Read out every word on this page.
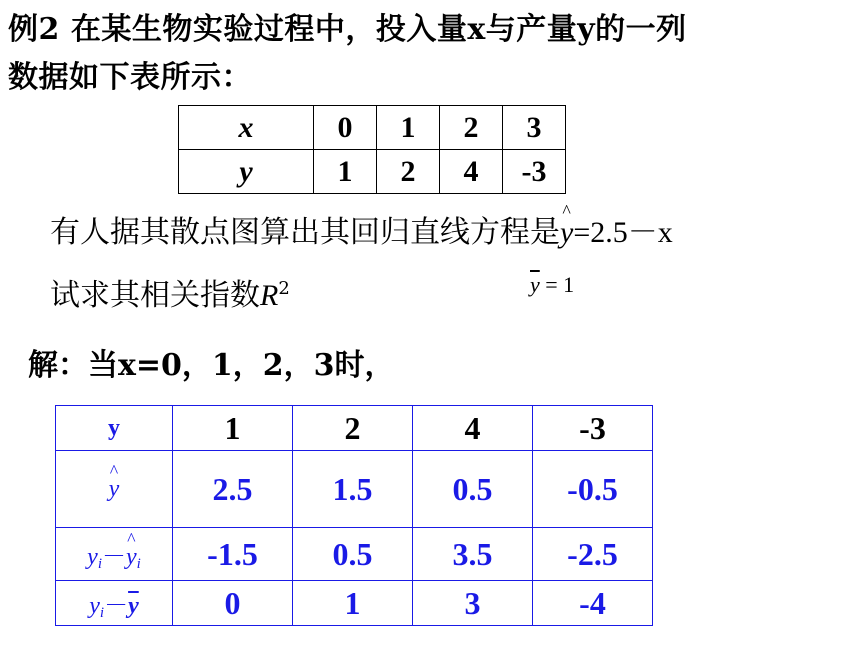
例2 在某生物实验过程中，投入量x与产量y的一列
数据如下表所示：
x	0	1	2	3
y	1	2	4	-3
有人据其散点图算出其回归直线方程是^ y=2.5－x
试求其相关指数$R^2$	$\overline{y} = 1$
解：当x=0，1，2，3时，
y	1	2	4	-3
^ y	2.5	1.5	0.5	-0.5
$y_i-\^{}$ $y_i$	-1.5	0.5	3.5	-2.5
$y_i-\overline{y}$	0	1	3	-4
